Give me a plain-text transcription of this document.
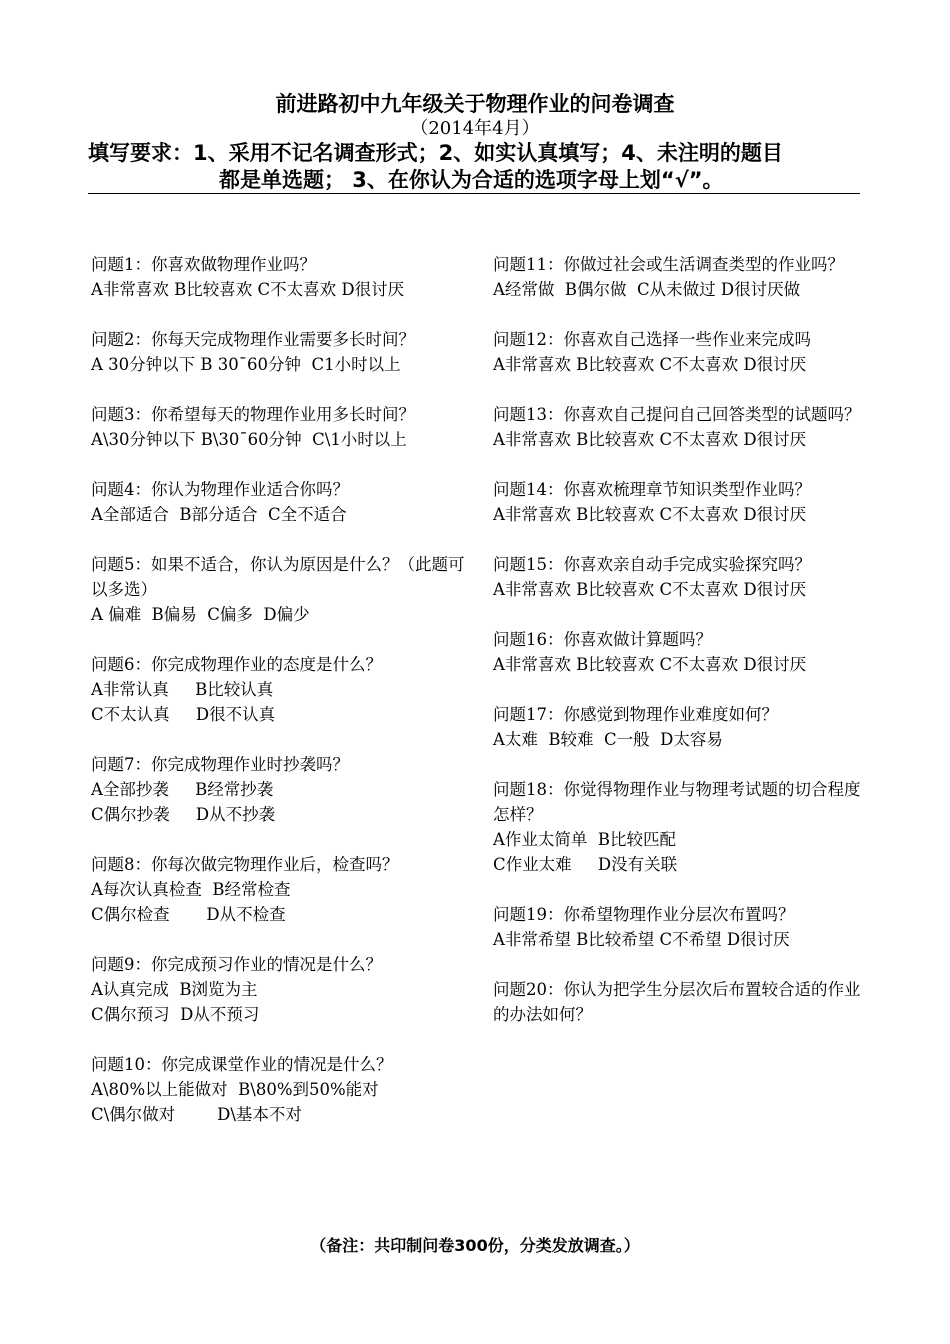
前进路初中九年级关于物理作业的问卷调查
（2014年4月）
填写要求：1、采用不记名调查形式；2、如实认真填写；4、未注明的题目
都是单选题； 3、在你认为合适的选项字母上划“√”。
问题1：你喜欢做物理作业吗？
A非常喜欢 B比较喜欢 C不太喜欢 D很讨厌
问题2：你每天完成物理作业需要多长时间？
A 30分钟以下 B 30¯60分钟  C1小时以上
问题3：你希望每天的物理作业用多长时间？
A\30分钟以下 B\30¯60分钟  C\1小时以上
问题4：你认为物理作业适合你吗？
A全部适合  B部分适合  C全不适合
问题5：如果不适合，你认为原因是什么？（此题可以多选）
A 偏难  B偏易  C偏多  D偏少
问题6：你完成物理作业的态度是什么？
A非常认真     B比较认真
C不太认真     D很不认真
问题7：你完成物理作业时抄袭吗？
A全部抄袭     B经常抄袭
C偶尔抄袭     D从不抄袭
问题8：你每次做完物理作业后，检查吗？
A每次认真检查  B经常检查
C偶尔检查       D从不检查
问题9：你完成预习作业的情况是什么？
A认真完成  B浏览为主
C偶尔预习  D从不预习
问题10：你完成课堂作业的情况是什么？
A\80%以上能做对  B\80%到50%能对
C\偶尔做对        D\基本不对
问题11：你做过社会或生活调查类型的作业吗？
A经常做  B偶尔做  C从未做过 D很讨厌做
问题12：你喜欢自己选择一些作业来完成吗
A非常喜欢 B比较喜欢 C不太喜欢 D很讨厌
问题13：你喜欢自己提问自己回答类型的试题吗？
A非常喜欢 B比较喜欢 C不太喜欢 D很讨厌
问题14：你喜欢梳理章节知识类型作业吗？
A非常喜欢 B比较喜欢 C不太喜欢 D很讨厌
问题15：你喜欢亲自动手完成实验探究吗？
A非常喜欢 B比较喜欢 C不太喜欢 D很讨厌
问题16：你喜欢做计算题吗？
A非常喜欢 B比较喜欢 C不太喜欢 D很讨厌
问题17：你感觉到物理作业难度如何？
A太难  B较难  C一般  D太容易
问题18：你觉得物理作业与物理考试题的切合程度怎样？
A作业太简单  B比较匹配
C作业太难     D没有关联
问题19：你希望物理作业分层次布置吗？
A非常希望 B比较希望 C不希望 D很讨厌
问题20：你认为把学生分层次后布置较合适的作业的办法如何？
（备注：共印制问卷300份，分类发放调查。）
